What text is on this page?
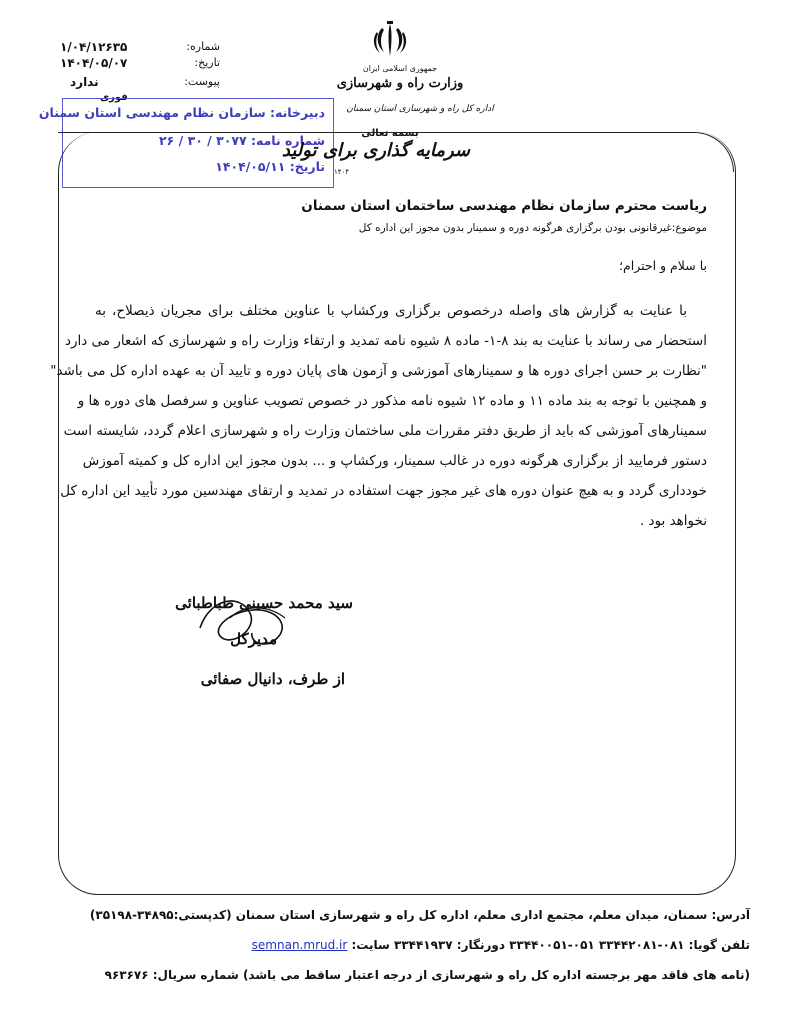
۱/۰۴/۱۲۶۳۵	شماره:
۱۴۰۴/۰۵/۰۷	تاریخ:
ندارد	پیوست:
فوری
جمهوری اسلامی ایران
وزارت راه و شهرسازی
اداره کل راه و شهرسازی استان سمنان
دبیرخانه: سازمان نظام مهندسی استان سمنان
شماره نامه: ۳۰۷۷ / ۳۰ / ۲۶
تاریخ: ۱۴۰۴/۰۵/۱۱
بسمه تعالی
سرمایه گذاری برای تولید
۱۴۰۴
ریاست محترم سازمان نظام مهندسی ساختمان استان سمنان
موضوع:غیرقانونی بودن برگزاری هرگونه دوره و سمینار بدون مجوز این اداره کل
با سلام و احترام؛
با عنایت به گزارش های واصله درخصوص برگزاری ورکشاپ با عناوین مختلف برای مجریان ذیصلاح، به
استحضار می رساند با عنایت به بند ۸-۱- ماده ۸ شیوه نامه تمدید و ارتقاء وزارت راه و شهرسازی که اشعار می دارد
"نظارت بر حسن اجرای دوره ها و سمینارهای آموزشی و آزمون های پایان دوره و تایید آن به عهده اداره کل می باشد"
و همچنین با توجه به بند ماده ۱۱ و ماده ۱۲ شیوه نامه مذکور در خصوص تصویب عناوین و سرفصل های دوره ها و
سمینارهای آموزشی که باید از طریق دفتر مقررات ملی ساختمان وزارت راه و شهرسازی اعلام گردد، شایسته است
دستور فرمایید از برگزاری هرگونه دوره در غالب سمینار، ورکشاپ و ... بدون مجوز این اداره کل و کمیته آموزش
خودداری گردد و به هیچ عنوان دوره های غیر مجوز جهت استفاده در تمدید و ارتقای مهندسین مورد تأیید این اداره کل
نخواهد بود .
سید محمد حسینی طباطبائی
مدیرکل
از طرف، دانیال صفائی
آدرس: سمنان، میدان معلم، مجتمع اداری معلم، اداره کل راه و شهرسازی استان سمنان (کدپستی:۳۴۸۹۵-۳۵۱۹۸)
تلفن گویا: ۰۸۱-۳۳۴۴۲۰۸۱ ۰۵۱-۳۳۴۴۰۰۵۱ دورنگار: ۳۳۴۴۱۹۳۷ سایت: semnan.mrud.ir
(نامه های فاقد مهر برجسته اداره کل راه و شهرسازی از درجه اعتبار ساقط می باشد) شماره سریال: ۹۶۳۶۷۶
